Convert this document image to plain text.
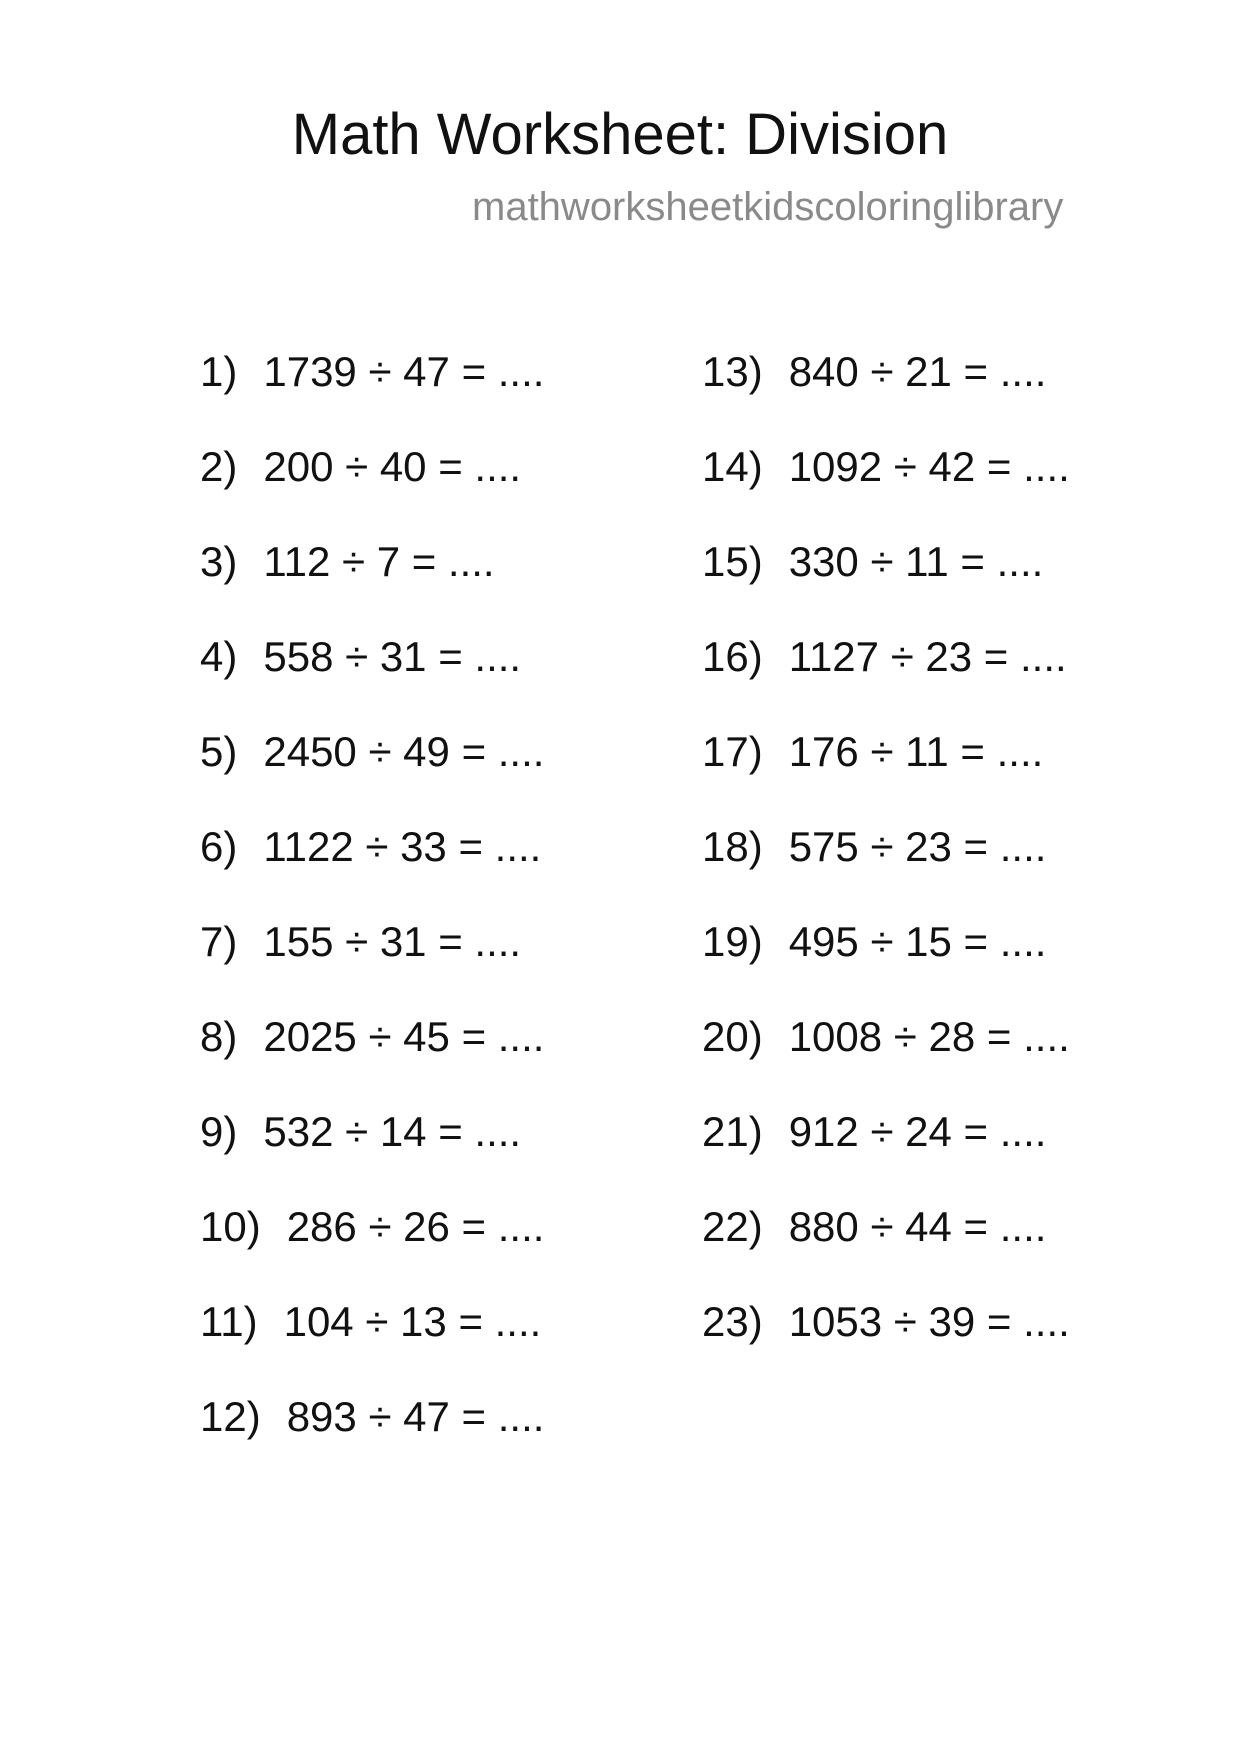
Math Worksheet: Division
mathworksheetkidscoloringlibrary
1) 1739 ÷ 47 = ....
2) 200 ÷ 40 = ....
3) 112 ÷ 7 = ....
4) 558 ÷ 31 = ....
5) 2450 ÷ 49 = ....
6) 1122 ÷ 33 = ....
7) 155 ÷ 31 = ....
8) 2025 ÷ 45 = ....
9) 532 ÷ 14 = ....
10) 286 ÷ 26 = ....
11) 104 ÷ 13 = ....
12) 893 ÷ 47 = ....
13) 840 ÷ 21 = ....
14) 1092 ÷ 42 = ....
15) 330 ÷ 11 = ....
16) 1127 ÷ 23 = ....
17) 176 ÷ 11 = ....
18) 575 ÷ 23 = ....
19) 495 ÷ 15 = ....
20) 1008 ÷ 28 = ....
21) 912 ÷ 24 = ....
22) 880 ÷ 44 = ....
23) 1053 ÷ 39 = ....
